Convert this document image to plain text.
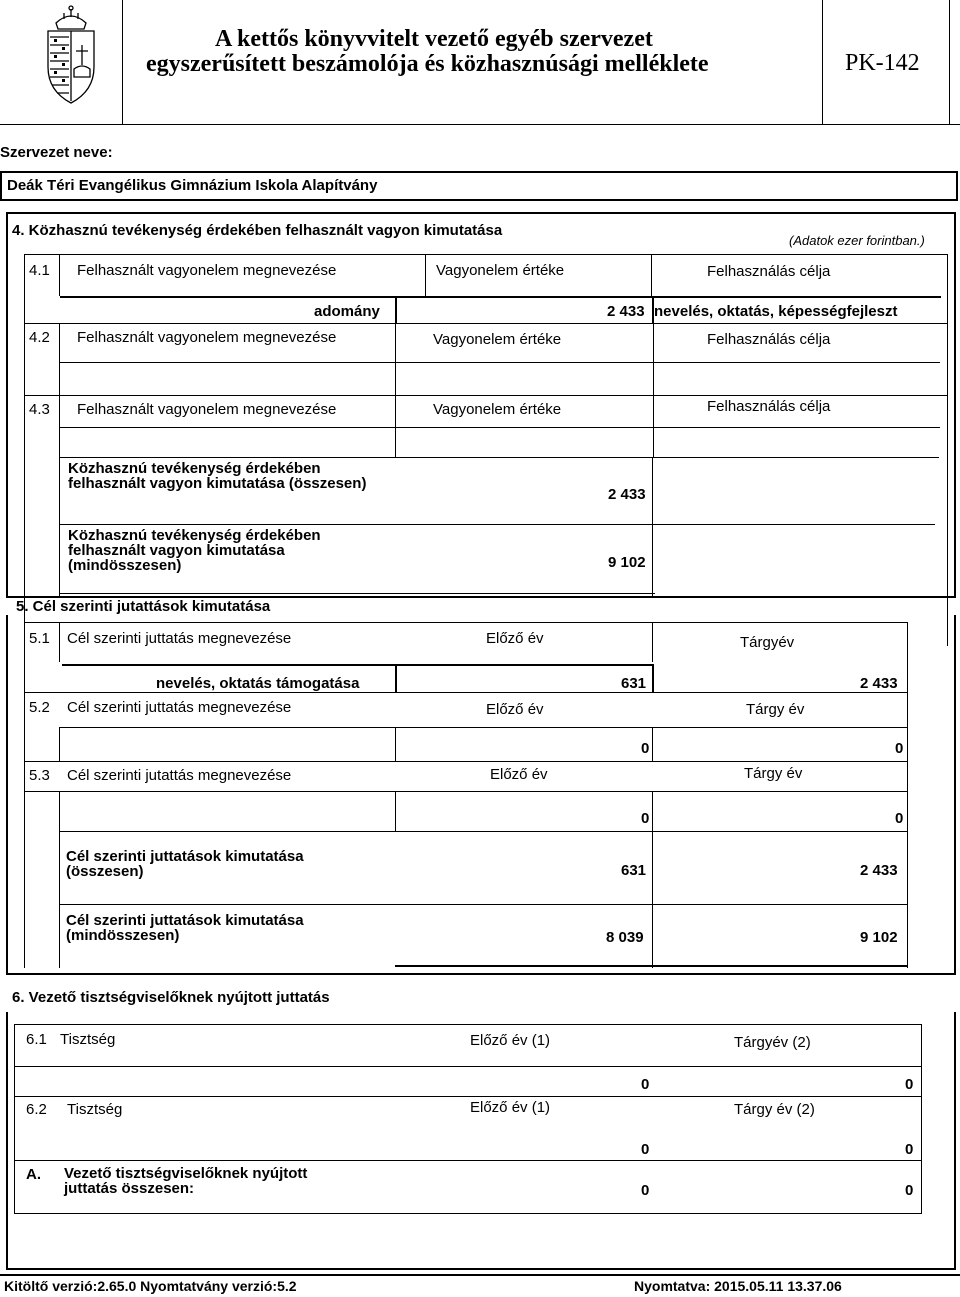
A kettős könyvvitelt vezető egyéb szervezet
egyszerűsített beszámolója és közhasznúsági melléklete	PK-142
Szervezet neve:
Deák Téri Evangélikus Gimnázium Iskola Alapítvány
4. Közhasznú tevékenység érdekében felhasznált vagyon kimutatása
(Adatok ezer forintban.)
4.1 Felhasznált vagyonelem megnevezése	Vagyonelem értéke	Felhasználás célja
adomány	2 433 nevelés, oktatás, képességfejleszt
4.2 Felhasznált vagyonelem megnevezése	Vagyonelem értéke	Felhasználás célja
4.3 Felhasznált vagyonelem megnevezése	Vagyonelem értéke	Felhasználás célja
Közhasznú tevékenység érdekében felhasznált vagyon kimutatása (összesen)
2 433
Közhasznú tevékenység érdekében felhasznált vagyon kimutatása (mindösszesen)	9 102
5. Cél szerinti jutattások kimutatása
5.1 Cél szerinti juttatás megnevezése	Előző év	Tárgyév
nevelés, oktatás támogatása	631	2 433
5.2 Cél szerinti juttatás megnevezése	Előző év	Tárgy év
0	0
5.3 Cél szerinti jutattás megnevezése	Előző év	Tárgy év
0	0
Cél szerinti juttatások kimutatása (összesen)	631	2 433
Cél szerinti juttatások kimutatása (mindösszesen)	8 039	9 102
6. Vezető tisztségviselőknek nyújtott juttatás
6.1 Tisztség	Előző év (1)	Tárgyév (2)
0	0
6.2 Tisztség	Előző év (1)	Tárgy év (2)
0	0
A. Vezető tisztségviselőknek nyújtott juttatás összesen:	0	0
Kitöltő verzió:2.65.0 Nyomtatvány verzió:5.2	Nyomtatva: 2015.05.11 13.37.06
